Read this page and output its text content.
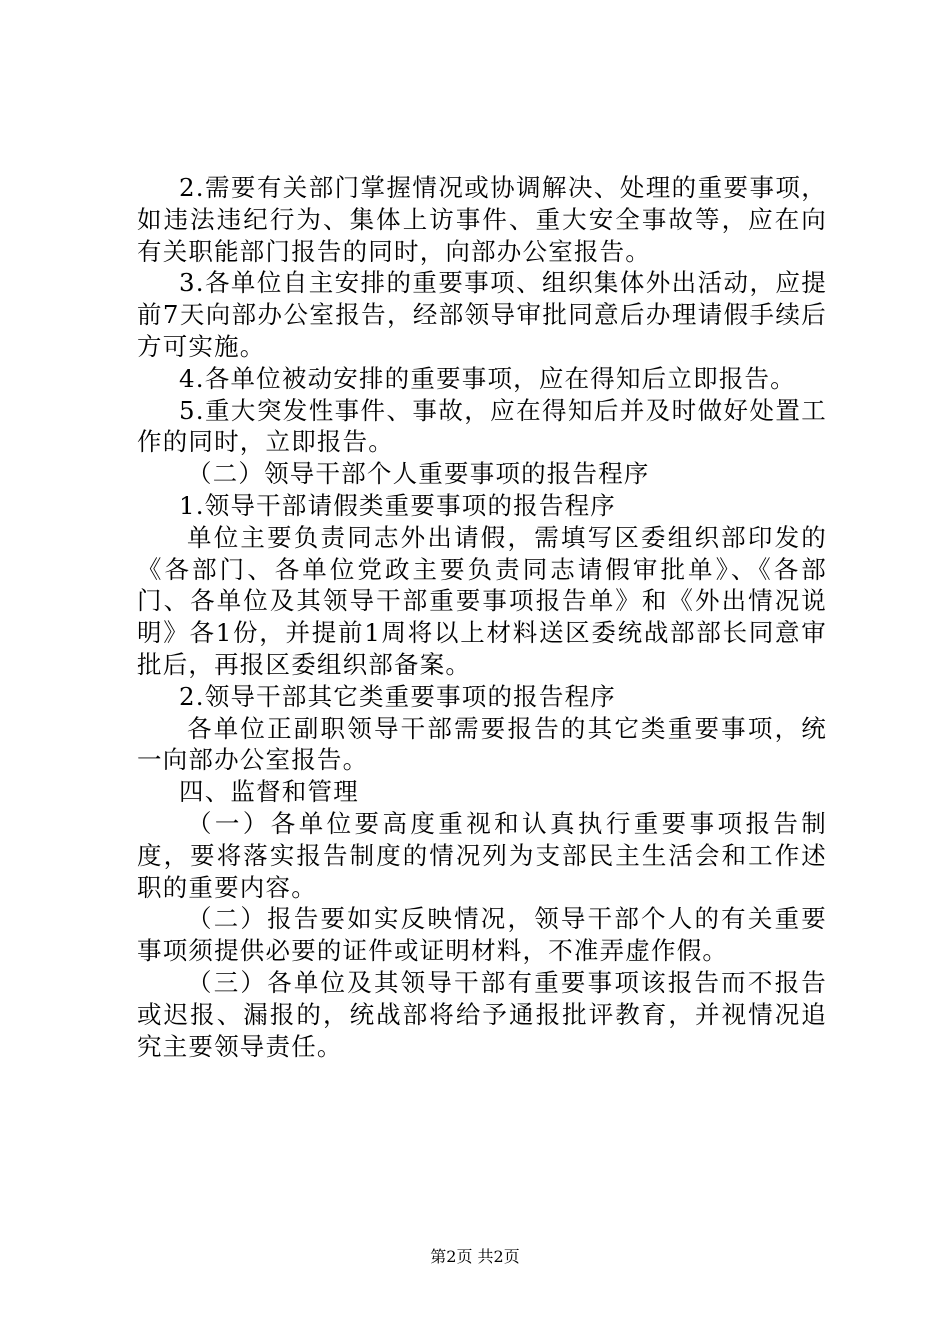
2.需要有关部门掌握情况或协调解决、处理的重要事项，如违法违纪行为、集体上访事件、重大安全事故等，应在向有关职能部门报告的同时，向部办公室报告。

3.各单位自主安排的重要事项、组织集体外出活动，应提前7天向部办公室报告，经部领导审批同意后办理请假手续后方可实施。

4.各单位被动安排的重要事项，应在得知后立即报告。

5.重大突发性事件、事故，应在得知后并及时做好处置工作的同时，立即报告。

（二）领导干部个人重要事项的报告程序

1.领导干部请假类重要事项的报告程序

单位主要负责同志外出请假，需填写区委组织部印发的《各部门、各单位党政主要负责同志请假审批单》、《各部门、各单位及其领导干部重要事项报告单》和《外出情况说明》各1份，并提前1周将以上材料送区委统战部部长同意审批后，再报区委组织部备案。

2.领导干部其它类重要事项的报告程序

各单位正副职领导干部需要报告的其它类重要事项，统一向部办公室报告。

四、监督和管理

（一）各单位要高度重视和认真执行重要事项报告制度，要将落实报告制度的情况列为支部民主生活会和工作述职的重要内容。

（二）报告要如实反映情况，领导干部个人的有关重要事项须提供必要的证件或证明材料，不准弄虚作假。

（三）各单位及其领导干部有重要事项该报告而不报告或迟报、漏报的，统战部将给予通报批评教育，并视情况追究主要领导责任。

第2页 共2页
